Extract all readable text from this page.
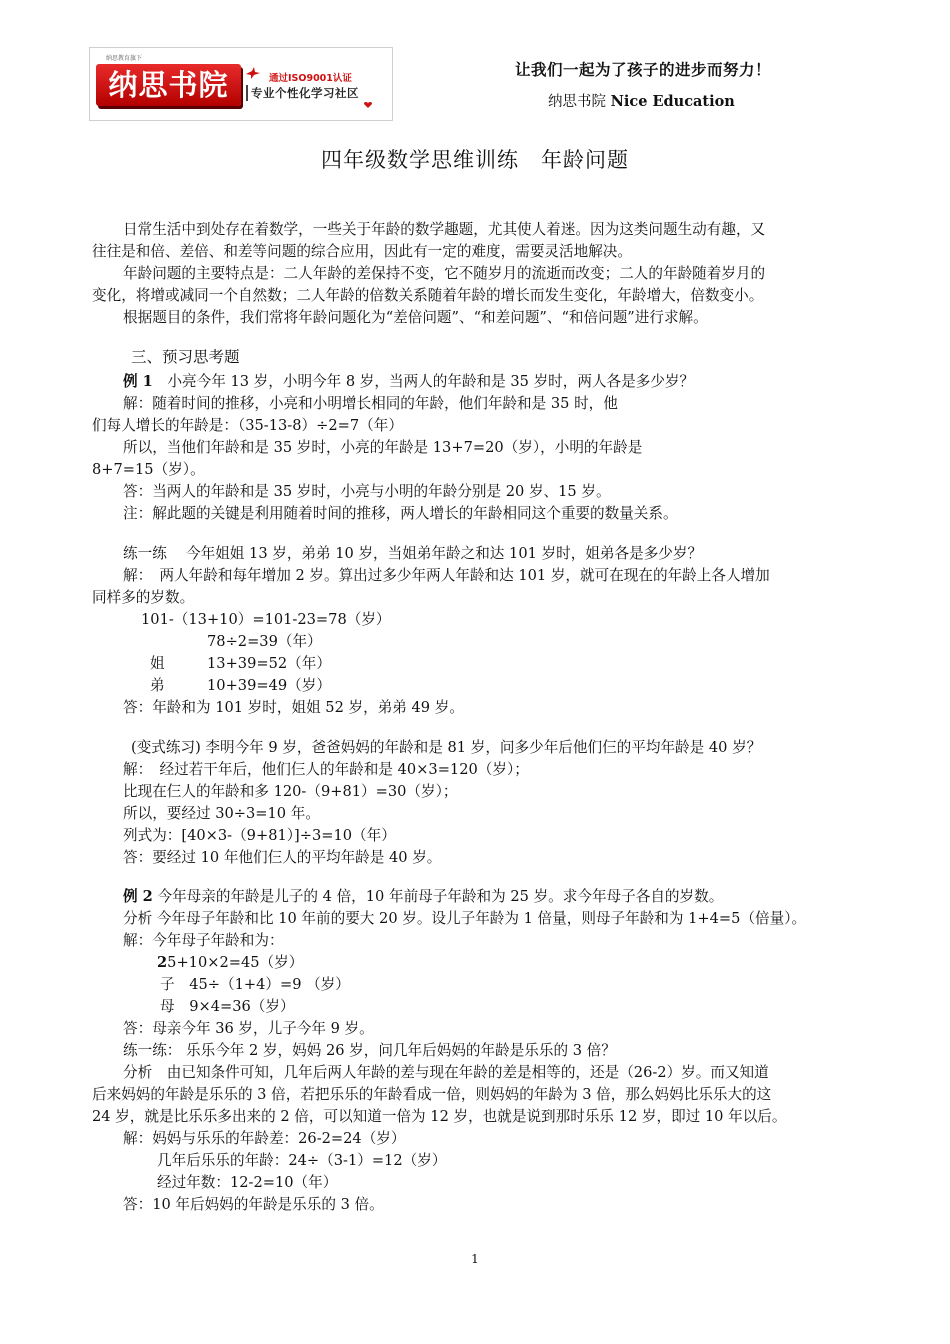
纳思教育旗下
纳思书院	通过ISO9001认证
专业个性化学习社区
让我们一起为了孩子的进步而努力！
纳思书院 Nice Education
四年级数学思维训练　年龄问题
日常生活中到处存在着数学，一些关于年龄的数学趣题，尤其使人着迷。因为这类问题生动有趣，又
往往是和倍、差倍、和差等问题的综合应用，因此有一定的难度，需要灵活地解决。
年龄问题的主要特点是：二人年龄的差保持不变，它不随岁月的流逝而改变；二人的年龄随着岁月的
变化，将增或减同一个自然数；二人年龄的倍数关系随着年龄的增长而发生变化，年龄增大，倍数变小。
根据题目的条件，我们常将年龄问题化为“差倍问题”、“和差问题”、“和倍问题”进行求解。
三、预习思考题
例 1　小亮今年 13 岁，小明今年 8 岁，当两人的年龄和是 35 岁时，两人各是多少岁？
解：随着时间的推移，小亮和小明增长相同的年龄，他们年龄和是 35 时，他
们每人增长的年龄是：（35-13-8）÷2=7（年）
所以，当他们年龄和是 35 岁时，小亮的年龄是 13+7=20（岁），小明的年龄是
8+7=15（岁）。
答：当两人的年龄和是 35 岁时，小亮与小明的年龄分别是 20 岁、15 岁。
注：解此题的关键是利用随着时间的推移，两人增长的年龄相同这个重要的数量关系。
练一练　 今年姐姐 13 岁，弟弟 10 岁，当姐弟年龄之和达 101 岁时，姐弟各是多少岁？
解：　两人年龄和每年增加 2 岁。算出过多少年两人年龄和达 101 岁，就可在现在的年龄上各人增加
同样多的岁数。
101-（13+10）=101-23=78（岁）
78÷2=39（年）
姐	13+39=52（年）
弟	10+39=49（岁）
答：年龄和为 101 岁时，姐姐 52 岁，弟弟 49 岁。
(变式练习) 李明今年 9 岁，爸爸妈妈的年龄和是 81 岁，问多少年后他们仨的平均年龄是 40 岁？
解：　经过若干年后，他们仨人的年龄和是 40×3=120（岁）；
比现在仨人的年龄和多 120-（9+81）=30（岁）；
所以，要经过 30÷3=10 年。
列式为：[40×3-（9+81）]÷3=10（年）
答：要经过 10 年他们仨人的平均年龄是 40 岁。
例 2 今年母亲的年龄是儿子的 4 倍，10 年前母子年龄和为 25 岁。求今年母子各自的岁数。
分析 今年母子年龄和比 10 年前的要大 20 岁。设儿子年龄为 1 倍量，则母子年龄和为 1+4=5（倍量）。
解：今年母子年龄和为：
25+10×2=45（岁）
子　45÷（1+4）=9 （岁）
母　9×4=36（岁）
答：母亲今年 36 岁，儿子今年 9 岁。
练一练： 乐乐今年 2 岁，妈妈 26 岁，问几年后妈妈的年龄是乐乐的 3 倍？
分析　由已知条件可知，几年后两人年龄的差与现在年龄的差是相等的，还是（26-2）岁。而又知道
后来妈妈的年龄是乐乐的 3 倍，若把乐乐的年龄看成一倍，则妈妈的年龄为 3 倍，那么妈妈比乐乐大的这
24 岁，就是比乐乐多出来的 2 倍，可以知道一倍为 12 岁，也就是说到那时乐乐 12 岁，即过 10 年以后。
解：妈妈与乐乐的年龄差：26-2=24（岁）
几年后乐乐的年龄：24÷（3-1）=12（岁）
经过年数：12-2=10（年）
答：10 年后妈妈的年龄是乐乐的 3 倍。
1
